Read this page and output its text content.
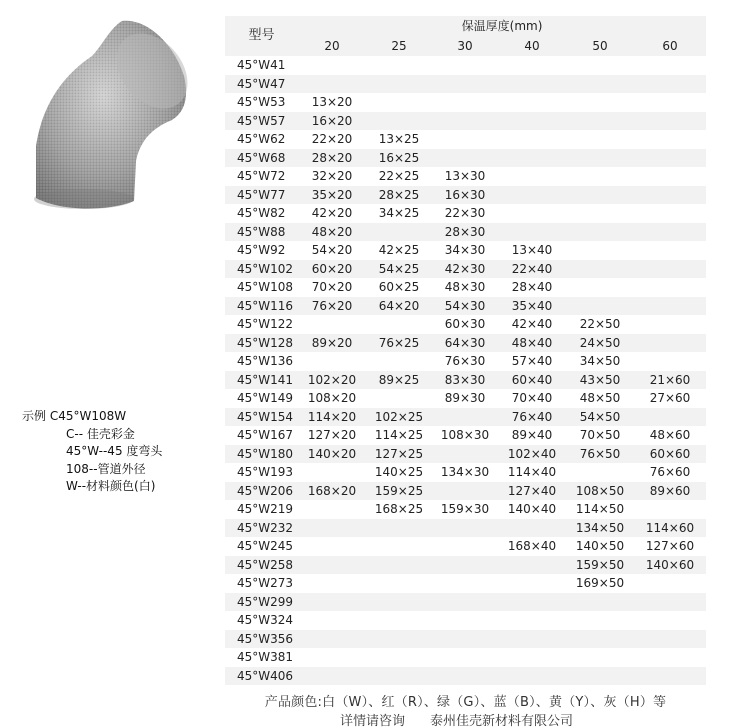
示例 C45°W108W
C-- 佳壳彩金
45°W--45 度弯头
108--管道外径
W--材料颜色(白)
型号	保温厚度(mm)					
	20	25	30	40	50	60
45°W41						
45°W47						
45°W53	13×20					
45°W57	16×20					
45°W62	22×20	13×25				
45°W68	28×20	16×25				
45°W72	32×20	22×25	13×30			
45°W77	35×20	28×25	16×30			
45°W82	42×20	34×25	22×30			
45°W88	48×20		28×30			
45°W92	54×20	42×25	34×30	13×40		
45°W102	60×20	54×25	42×30	22×40		
45°W108	70×20	60×25	48×30	28×40		
45°W116	76×20	64×20	54×30	35×40		
45°W122			60×30	42×40	22×50	
45°W128	89×20	76×25	64×30	48×40	24×50	
45°W136			76×30	57×40	34×50	
45°W141	102×20	89×25	83×30	60×40	43×50	21×60
45°W149	108×20		89×30	70×40	48×50	27×60
45°W154	114×20	102×25		76×40	54×50	
45°W167	127×20	114×25	108×30	89×40	70×50	48×60
45°W180	140×20	127×25		102×40	76×50	60×60
45°W193		140×25	134×30	114×40		76×60
45°W206	168×20	159×25		127×40	108×50	89×60
45°W219		168×25	159×30	140×40	114×50	
45°W232					134×50	114×60
45°W245				168×40	140×50	127×60
45°W258					159×50	140×60
45°W273					169×50	
45°W299						
45°W324						
45°W356						
45°W381						
45°W406						
产品颜色:白（W）、红（R）、绿（G）、蓝（B）、黄（Y）、灰（H）等
详情请咨询 泰州佳売新材料有限公司
